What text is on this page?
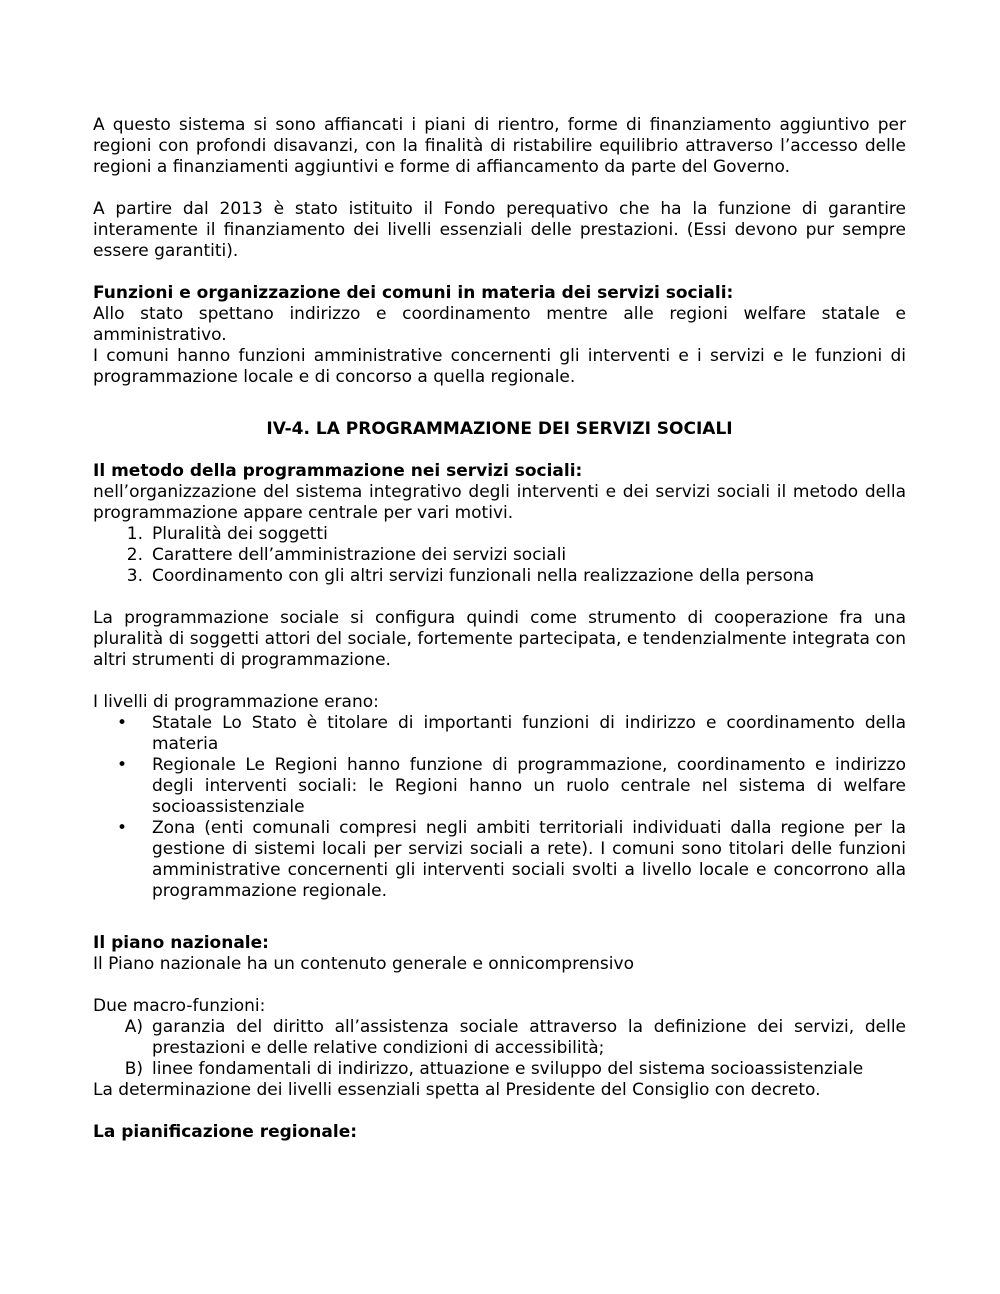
A questo sistema si sono affiancati i piani di rientro, forme di finanziamento aggiuntivo per regioni con profondi disavanzi, con la finalità di ristabilire equilibrio attraverso l’accesso delle regioni a finanziamenti aggiuntivi e forme di affiancamento da parte del Governo.

A partire dal 2013 è stato istituito il Fondo perequativo che ha la funzione di garantire interamente il finanziamento dei livelli essenziali delle prestazioni. (Essi devono pur sempre essere garantiti).

Funzioni e organizzazione dei comuni in materia dei servizi sociali:

Allo stato spettano indirizzo e coordinamento mentre alle regioni welfare statale e amministrativo.

I comuni hanno funzioni amministrative concernenti gli interventi e i servizi e le funzioni di programmazione locale e di concorso a quella regionale.

IV-4. LA PROGRAMMAZIONE DEI SERVIZI SOCIALI

Il metodo della programmazione nei servizi sociali:

nell’organizzazione del sistema integrativo degli interventi e dei servizi sociali il metodo della programmazione appare centrale per vari motivi.

1. Pluralità dei soggetti
2. Carattere dell’amministrazione dei servizi sociali
3. Coordinamento con gli altri servizi funzionali nella realizzazione della persona

La programmazione sociale si configura quindi come strumento di cooperazione fra una pluralità di soggetti attori del sociale, fortemente partecipata, e tendenzialmente integrata con altri strumenti di programmazione.

I livelli di programmazione erano:

• Statale Lo Stato è titolare di importanti funzioni di indirizzo e coordinamento della materia
• Regionale Le Regioni hanno funzione di programmazione, coordinamento e indirizzo degli interventi sociali: le Regioni hanno un ruolo centrale nel sistema di welfare socioassistenziale
• Zona (enti comunali compresi negli ambiti territoriali individuati dalla regione per la gestione di sistemi locali per servizi sociali a rete). I comuni sono titolari delle funzioni amministrative concernenti gli interventi sociali svolti a livello locale e concorrono alla programmazione regionale.

Il piano nazionale:

Il Piano nazionale ha un contenuto generale e onnicomprensivo

Due macro-funzioni:

A) garanzia del diritto all’assistenza sociale attraverso la definizione dei servizi, delle prestazioni e delle relative condizioni di accessibilità;
B) linee fondamentali di indirizzo, attuazione e sviluppo del sistema socioassistenziale

La determinazione dei livelli essenziali spetta al Presidente del Consiglio con decreto.

La pianificazione regionale:
